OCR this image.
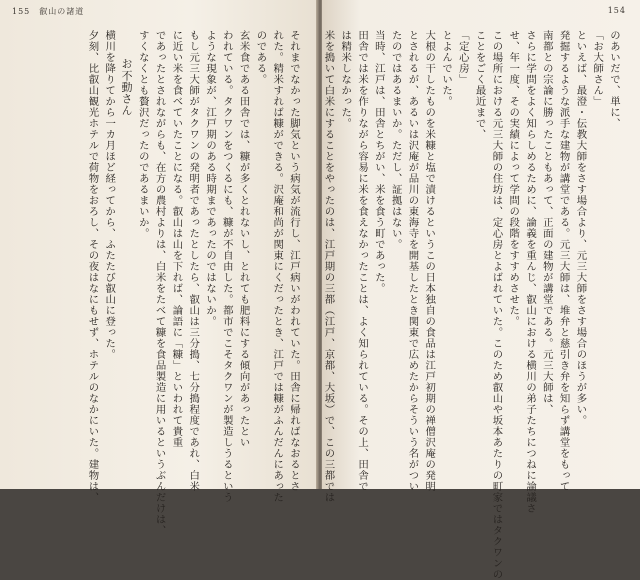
155　叡山の諸道
それまでなかった脚気という病気が流行し、江戸病いがわれていた。田舎に帰ればなおるとさ
れた。精米すれば糠ができる。沢庵和尚が関東にくだったとき、江戸では糠がふんだんにあった
のである。
玄米食である田舎では、糠が多くとれないし、とれても肥料にする傾向があったとい
われている。タクワンをつくるにも、糠が不自由した。都市でこそタクワンが製造しうるという
ような現象が、江戸期のある時期まであったのではないか。
もし元三大師がタクワンの発明者であったとしたら、叡山は三分搗、七分搗程度であれ、白米
に近い米を食べていたことになる。叡山は山を下れば、論語に「糠」といわれて貴重
であったとされながらも、在方の農村よりは、白米をたべて糠を食品製造に用いるというぶんだけは、
すくなくとも贅沢だったのであるまいか。
お不動さん
横川を降りてから一カ月ほど経ってから、ふたたび叡山に登った。
夕刻、比叡山観光ホテルで荷物をおろし、その夜はなにもせず、ホテルのなかにいた。建物は、
154
のあいだで、単に、
「お大師さん」
といえば、最澄・伝教大師をさす場合より、元三大師をさす場合のほうが多い。
発掘するような派手な建物が講堂である。元三大師は、堆弁と慈引き弁を知らず講堂をもって
南都との宗論に勝ったこともあって、正面の建物が講堂である。元三大師は、
さらに学問をよく知らしめるために、論義を重んじ、叡山における横川の弟子たちにつねに論議さ
せ、年一度、その実績によって学問の段階をすすめさせた。
この場所における元三大師の住坊は、定心房とよばれていた。このため叡山や坂本あたりの町家ではタクワンの
ことをごく最近まで、
「定心房」
とよんでいた。
大根の干したものを米糠と塩で漬けるというこの日本独自の食品は江戸初期の禅僧沢庵の発明
とされるが、あるいは沢庵が品川の東海寺を開基したとき関東で広めたからそういう名がつい
たのではあるまいか。ただし、証拠はない。
当時、江戸は、田舎とちがい、米を食う町であった。
田舎では米を作りながら容易に米を食えなかったことは、よく知られている。その上、田舎で
は精米しなかった。
米を搗いて白米にすることをやったのは、江戸期の三都（江戸、京都、大坂）で、この三都では
